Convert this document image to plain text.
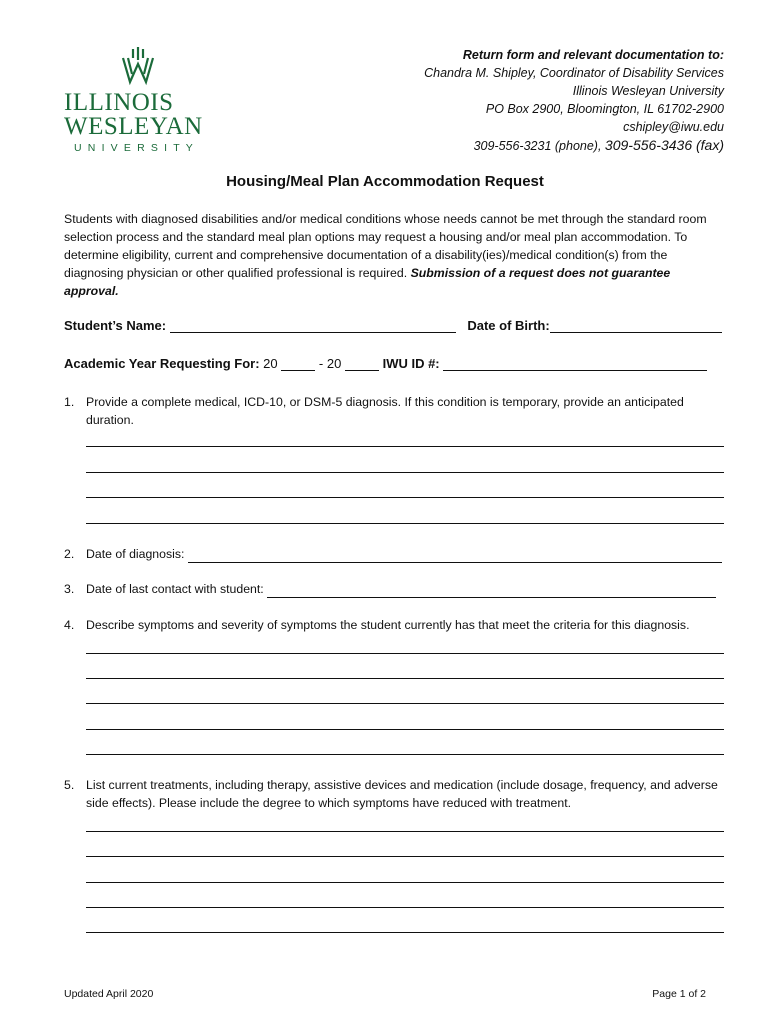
ILLINOIS
WESLEYAN
UNIVERSITY
Return form and relevant documentation to:
Chandra M. Shipley, Coordinator of Disability Services
Illinois Wesleyan University
PO Box 2900, Bloomington, IL 61702-2900
cshipley@iwu.edu
309-556-3231 (phone), 309-556-3436 (fax)
Housing/Meal Plan Accommodation Request
Students with diagnosed disabilities and/or medical conditions whose needs cannot be met through the standard room selection process and the standard meal plan options may request a housing and/or meal plan accommodation. To determine eligibility, current and comprehensive documentation of a disability(ies)/medical condition(s) from the diagnosing physician or other qualified professional is required. Submission of a request does not guarantee approval.
Student’s Name:	Date of Birth:
Academic Year Requesting For: 20	- 20	IWU ID #:
1. Provide a complete medical, ICD-10, or DSM-5 diagnosis. If this condition is temporary, provide an anticipated duration.
2. Date of diagnosis:
3. Date of last contact with student:
4. Describe symptoms and severity of symptoms the student currently has that meet the criteria for this diagnosis.
5. List current treatments, including therapy, assistive devices and medication (include dosage, frequency, and adverse side effects). Please include the degree to which symptoms have reduced with treatment.
Updated April 2020	Page 1 of 2
